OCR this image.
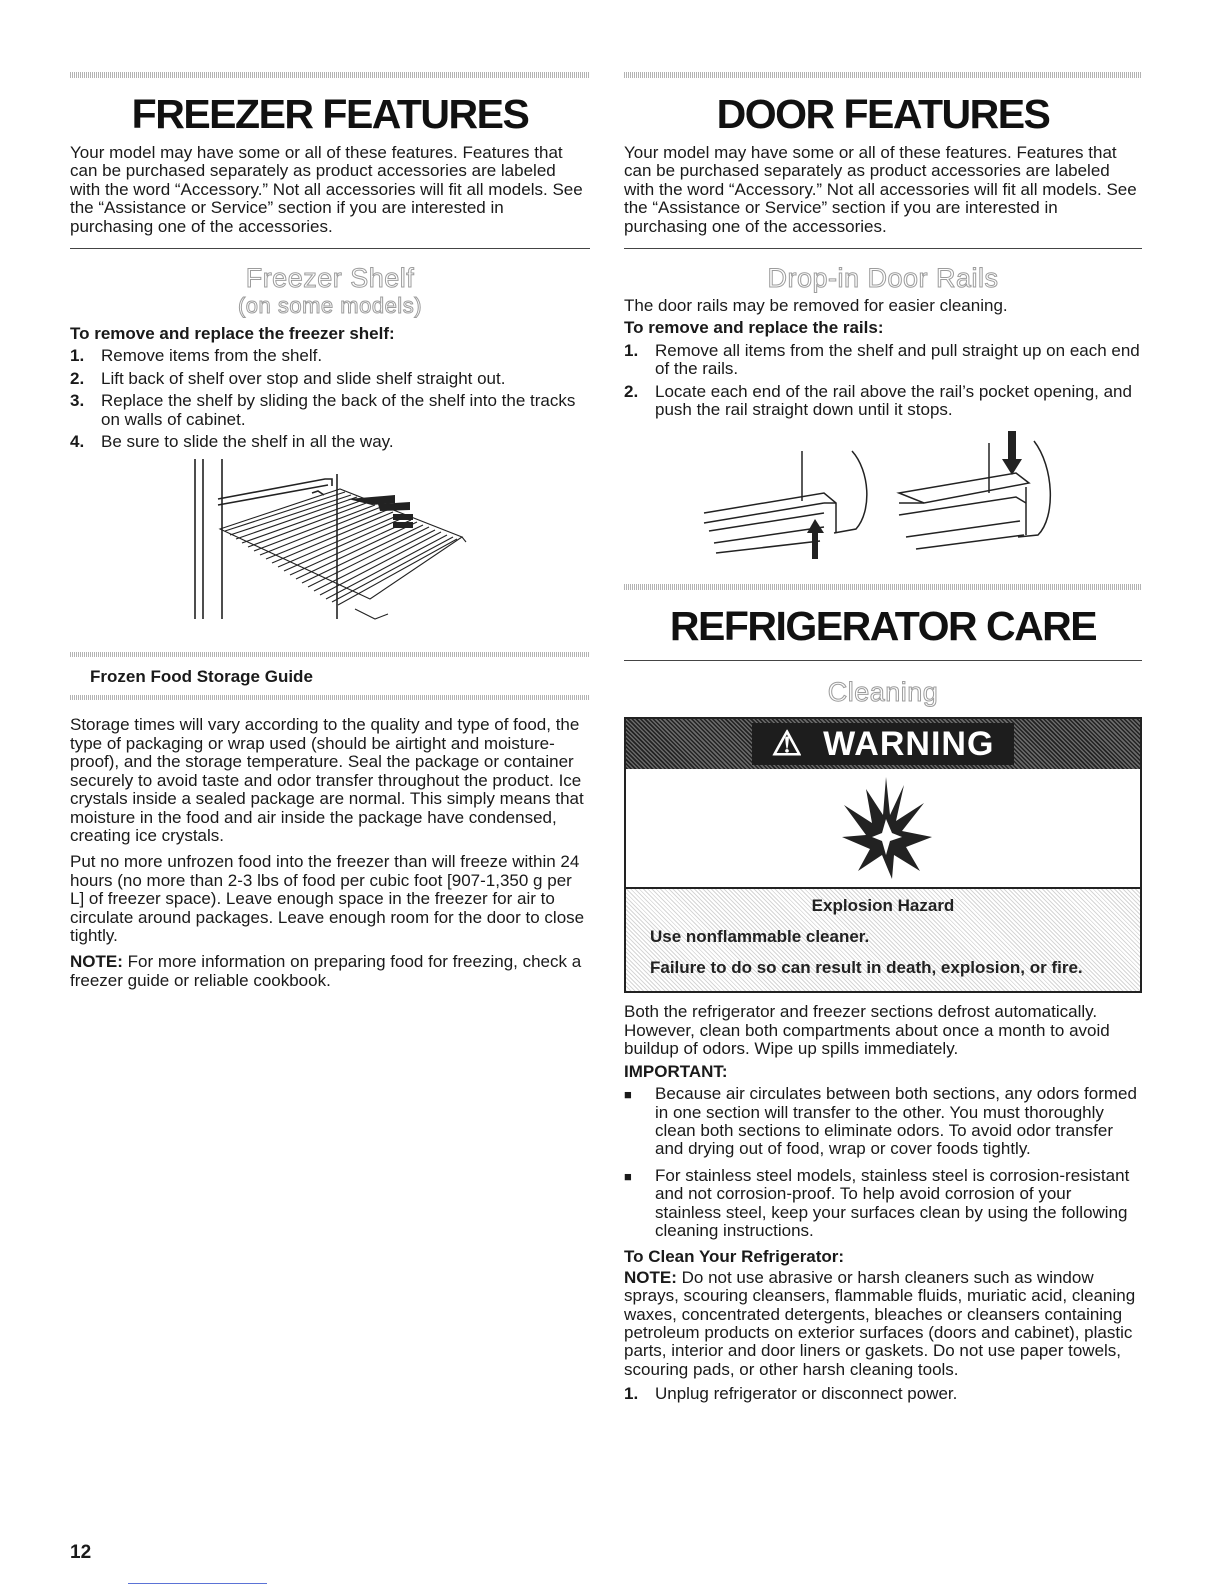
FREEZER FEATURES

Your model may have some or all of these features. Features that can be purchased separately as product accessories are labeled with the word “Accessory.” Not all accessories will fit all models. See the “Assistance or Service” section if you are interested in purchasing one of the accessories.

Freezer Shelf
(on some models)
To remove and replace the freezer shelf:
1. Remove items from the shelf.
2. Lift back of shelf over stop and slide shelf straight out.
3. Replace the shelf by sliding the back of the shelf into the tracks on walls of cabinet.
4. Be sure to slide the shelf in all the way.
Frozen Food Storage Guide

Storage times will vary according to the quality and type of food, the type of packaging or wrap used (should be airtight and moisture-proof), and the storage temperature. Seal the package or container securely to avoid taste and odor transfer throughout the product. Ice crystals inside a sealed package are normal. This simply means that moisture in the food and air inside the package have condensed, creating ice crystals.

Put no more unfrozen food into the freezer than will freeze within 24 hours (no more than 2-3 lbs of food per cubic foot [907-1,350 g per L] of freezer space). Leave enough space in the freezer for air to circulate around packages. Leave enough room for the door to close tightly.

NOTE: For more information on preparing food for freezing, check a freezer guide or reliable cookbook.

DOOR FEATURES

Your model may have some or all of these features. Features that can be purchased separately as product accessories are labeled with the word “Accessory.” Not all accessories will fit all models. See the “Assistance or Service” section if you are interested in purchasing one of the accessories.

Drop-in Door Rails

The door rails may be removed for easier cleaning.

To remove and replace the rails:
1. Remove all items from the shelf and pull straight up on each end of the rails.
2. Locate each end of the rail above the rail’s pocket opening, and push the rail straight down until it stops.
REFRIGERATOR CARE
Cleaning
⚠ WARNING
Explosion Hazard
Use nonflammable cleaner.
Failure to do so can result in death, explosion, or fire.

Both the refrigerator and freezer sections defrost automatically. However, clean both compartments about once a month to avoid buildup of odors. Wipe up spills immediately.

IMPORTANT:
■ Because air circulates between both sections, any odors formed in one section will transfer to the other. You must thoroughly clean both sections to eliminate odors. To avoid odor transfer and drying out of food, wrap or cover foods tightly.
■ For stainless steel models, stainless steel is corrosion-resistant and not corrosion-proof. To help avoid corrosion of your stainless steel, keep your surfaces clean by using the following cleaning instructions.
To Clean Your Refrigerator:

NOTE: Do not use abrasive or harsh cleaners such as window sprays, scouring cleansers, flammable fluids, muriatic acid, cleaning waxes, concentrated detergents, bleaches or cleansers containing petroleum products on exterior surfaces (doors and cabinet), plastic parts, interior and door liners or gaskets. Do not use paper towels, scouring pads, or other harsh cleaning tools.

1. Unplug refrigerator or disconnect power.
12
